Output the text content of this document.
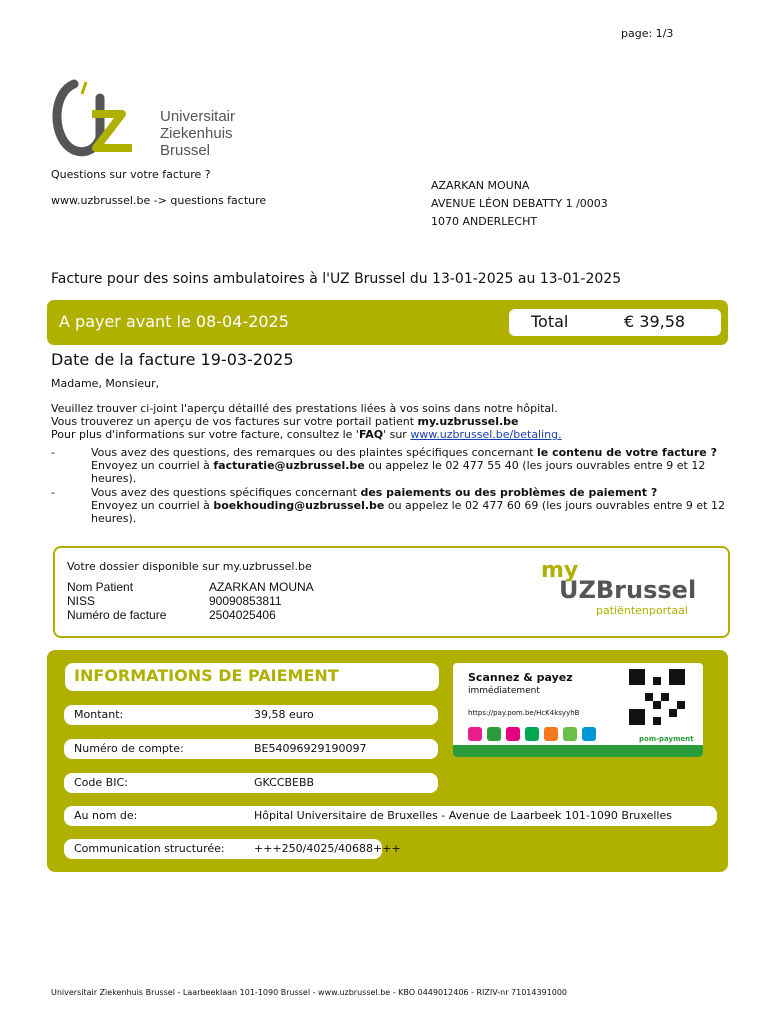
page: 1/3
Universitair
Ziekenhuis
Brussel
Questions sur votre facture ?
www.uzbrussel.be -> questions facture
AZARKAN MOUNA
AVENUE LÉON DEBATTY 1 /0003
1070 ANDERLECHT
Facture pour des soins ambulatoires à l'UZ Brussel du 13-01-2025 au 13-01-2025
A payer avant le 08-04-2025	Total	€ 39,58
Date de la facture 19-03-2025
Madame, Monsieur,
Veuillez trouver ci-joint l'aperçu détaillé des prestations liées à vos soins dans notre hôpital.
Vous trouverez un aperçu de vos factures sur votre portail patient my.uzbrussel.be
Pour plus d'informations sur votre facture, consultez le 'FAQ' sur www.uzbrussel.be/betaling.
-	Vous avez des questions, des remarques ou des plaintes spécifiques concernant le contenu de votre facture ?
Envoyez un courriel à facturatie@uzbrussel.be ou appelez le 02 477 55 40 (les jours ouvrables entre 9 et 12 heures).
-	Vous avez des questions spécifiques concernant des paiements ou des problèmes de paiement ?
Envoyez un courriel à boekhouding@uzbrussel.be ou appelez le 02 477 60 69 (les jours ouvrables entre 9 et 12 heures).
Votre dossier disponible sur my.uzbrussel.be
Nom Patient	AZARKAN MOUNA
NISS	90090853811
Numéro de facture	2504025406
my
UZBrussel
patiëntenportaal
INFORMATIONS DE PAIEMENT
Montant:	39,58 euro
Numéro de compte:	BE54096929190097
Code BIC:	GKCCBEBB
Au nom de:	Hôpital Universitaire de Bruxelles - Avenue de Laarbeek 101-1090 Bruxelles
Communication structurée:	+++250/4025/40688+++
Scannez & payez
immédiatement
https://pay.pom.be/HcK4ksyyhB
pom-payment
Universitair Ziekenhuis Brussel - Laarbeeklaan 101-1090 Brussel - www.uzbrussel.be - KBO 0449012406 - RIZIV-nr 71014391000
